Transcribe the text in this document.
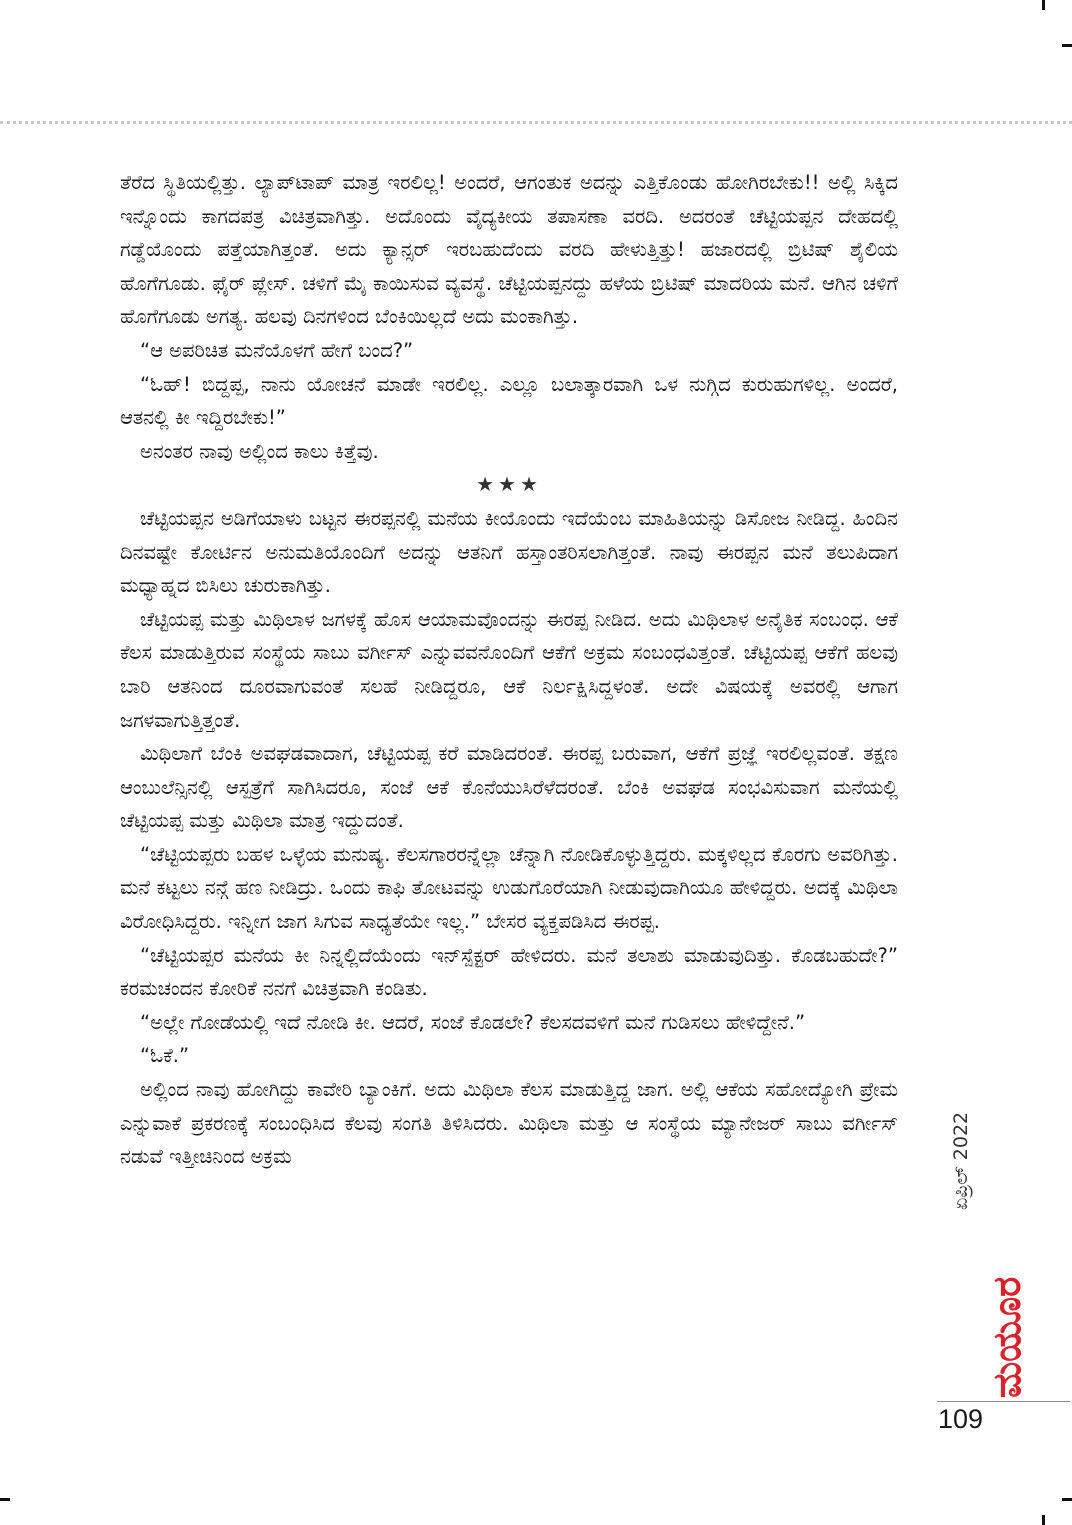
ತೆರೆದ ಸ್ಥಿತಿಯಲ್ಲಿತ್ತು. ಲ್ಯಾಪ್‌ಟಾಪ್ ಮಾತ್ರ ಇರಲಿಲ್ಲ! ಅಂದರೆ, ಆಗಂತುಕ ಅದನ್ನು ಎತ್ತಿಕೊಂಡು ಹೋಗಿರಬೇಕು!! ಅಲ್ಲಿ ಸಿಕ್ಕಿದ ಇನ್ನೊಂದು ಕಾಗದಪತ್ರ ವಿಚಿತ್ರವಾಗಿತ್ತು. ಅದೊಂದು ವೈದ್ಯಕೀಯ ತಪಾಸಣಾ ವರದಿ. ಅದರಂತೆ ಚೆಟ್ಟಿಯಪ್ಪನ ದೇಹದಲ್ಲಿ ಗಡ್ಡೆಯೊಂದು ಪತ್ತೆಯಾಗಿತ್ತಂತೆ. ಅದು ಕ್ಯಾನ್ಸರ್ ಇರಬಹುದೆಂದು ವರದಿ ಹೇಳುತ್ತಿತ್ತು! ಹಜಾರದಲ್ಲಿ ಬ್ರಿಟಿಷ್ ಶೈಲಿಯ ಹೊಗೆಗೂಡು. ಫೈರ್ ಪ್ಲೇಸ್. ಚಳಿಗೆ ಮೈ ಕಾಯಿಸುವ ವ್ಯವಸ್ಥೆ. ಚೆಟ್ಟಿಯಪ್ಪನದ್ದು ಹಳೆಯ ಬ್ರಿಟಿಷ್ ಮಾದರಿಯ ಮನೆ. ಆಗಿನ ಚಳಿಗೆ ಹೊಗೆಗೂಡು ಅಗತ್ಯ. ಹಲವು ದಿನಗಳಿಂದ ಬೆಂಕಿಯಿಲ್ಲದೆ ಅದು ಮಂಕಾಗಿತ್ತು.

“ಆ ಅಪರಿಚಿತ ಮನೆಯೊಳಗೆ ಹೇಗೆ ಬಂದ?”

“ಓಹ್! ಬಿದ್ದಪ್ಪ, ನಾನು ಯೋಚನೆ ಮಾಡೇ ಇರಲಿಲ್ಲ. ಎಲ್ಲೂ ಬಲಾತ್ಕಾರವಾಗಿ ಒಳ ನುಗ್ಗಿದ ಕುರುಹುಗಳಿಲ್ಲ. ಅಂದರೆ, ಆತನಲ್ಲಿ ಕೀ ಇದ್ದಿರಬೇಕು!”

ಅನಂತರ ನಾವು ಅಲ್ಲಿಂದ ಕಾಲು ಕಿತ್ತೆವು.

★★★

ಚೆಟ್ಟಿಯಪ್ಪನ ಅಡಿಗೆಯಾಳು ಬಟ್ಟನ ಈರಪ್ಪನಲ್ಲಿ ಮನೆಯ ಕೀಯೊಂದು ಇದೆಯೆಂಬ ಮಾಹಿತಿಯನ್ನು ಡಿಸೋಜ ನೀಡಿದ್ದ. ಹಿಂದಿನ ದಿನವಷ್ಟೇ ಕೋರ್ಟಿನ ಅನುಮತಿಯೊಂದಿಗೆ ಅದನ್ನು ಆತನಿಗೆ ಹಸ್ತಾಂತರಿಸಲಾಗಿತ್ತಂತೆ. ನಾವು ಈರಪ್ಪನ ಮನೆ ತಲುಪಿದಾಗ ಮಧ್ಯಾಹ್ನದ ಬಿಸಿಲು ಚುರುಕಾಗಿತ್ತು.

ಚೆಟ್ಟಿಯಪ್ಪ ಮತ್ತು ಮಿಥಿಲಾಳ ಜಗಳಕ್ಕೆ ಹೊಸ ಆಯಾಮವೊಂದನ್ನು ಈರಪ್ಪ ನೀಡಿದ. ಅದು ಮಿಥಿಲಾಳ ಅನೈತಿಕ ಸಂಬಂಧ. ಆಕೆ ಕೆಲಸ ಮಾಡುತ್ತಿರುವ ಸಂಸ್ಥೆಯ ಸಾಬು ವರ್ಗೀಸ್ ಎನ್ನುವವನೊಂದಿಗೆ ಆಕೆಗೆ ಅಕ್ರಮ ಸಂಬಂಧವಿತ್ತಂತೆ. ಚೆಟ್ಟಿಯಪ್ಪ ಆಕೆಗೆ ಹಲವು ಬಾರಿ ಆತನಿಂದ ದೂರವಾಗುವಂತೆ ಸಲಹೆ ನೀಡಿದ್ದರೂ, ಆಕೆ ನಿರ್ಲಕ್ಷಿಸಿದ್ದಳಂತೆ. ಅದೇ ವಿಷಯಕ್ಕೆ ಅವರಲ್ಲಿ ಆಗಾಗ ಜಗಳವಾಗುತ್ತಿತ್ತಂತೆ.

ಮಿಥಿಲಾಗೆ ಬೆಂಕಿ ಅವಘಡವಾದಾಗ, ಚೆಟ್ಟಿಯಪ್ಪ ಕರೆ ಮಾಡಿದರಂತೆ. ಈರಪ್ಪ ಬರುವಾಗ, ಆಕೆಗೆ ಪ್ರಜ್ಞೆ ಇರಲಿಲ್ಲವಂತೆ. ತಕ್ಷಣ ಆಂಬುಲೆನ್ಸಿನಲ್ಲಿ ಆಸ್ಪತ್ರೆಗೆ ಸಾಗಿಸಿದರೂ, ಸಂಜೆ ಆಕೆ ಕೊನೆಯುಸಿರೆಳೆದರಂತೆ. ಬೆಂಕಿ ಅವಘಡ ಸಂಭವಿಸುವಾಗ ಮನೆಯಲ್ಲಿ ಚೆಟ್ಟಿಯಪ್ಪ ಮತ್ತು ಮಿಥಿಲಾ ಮಾತ್ರ ಇದ್ದುದಂತೆ.

“ಚೆಟ್ಟಿಯಪ್ಪರು ಬಹಳ ಒಳ್ಳೆಯ ಮನುಷ್ಯ. ಕೆಲಸಗಾರರನ್ನೆಲ್ಲಾ ಚೆನ್ನಾಗಿ ನೋಡಿಕೊಳ್ಳುತ್ತಿದ್ದರು. ಮಕ್ಕಳಿಲ್ಲದ ಕೊರಗು ಅವರಿಗಿತ್ತು. ಮನೆ ಕಟ್ಟಲು ನನ್ಗೆ ಹಣ ನೀಡಿದ್ರು. ಒಂದು ಕಾಫಿ ತೋಟವನ್ನು ಉಡುಗೊರೆಯಾಗಿ ನೀಡುವುದಾಗಿಯೂ ಹೇಳಿದ್ದರು. ಅದಕ್ಕೆ ಮಿಥಿಲಾ ವಿರೋಧಿಸಿದ್ದರು. ಇನ್ನೀಗ ಜಾಗ ಸಿಗುವ ಸಾಧ್ಯತೆಯೇ ಇಲ್ಲ.” ಬೇಸರ ವ್ಯಕ್ತಪಡಿಸಿದ ಈರಪ್ಪ.

“ಚೆಟ್ಟಿಯಪ್ಪರ ಮನೆಯ ಕೀ ನಿನ್ನಲ್ಲಿದೆಯೆಂದು ಇನ್‌ಸ್ಪೆಕ್ಟರ್ ಹೇಳಿದರು. ಮನೆ ತಲಾಶು ಮಾಡುವುದಿತ್ತು. ಕೊಡಬಹುದೇ?” ಕರಮಚಂದನ ಕೋರಿಕೆ ನನಗೆ ವಿಚಿತ್ರವಾಗಿ ಕಂಡಿತು.

“ಅಲ್ಲೇ ಗೋಡೆಯಲ್ಲಿ ಇದೆ ನೋಡಿ ಕೀ. ಆದರೆ, ಸಂಜೆ ಕೊಡಲೇ? ಕೆಲಸದವಳಿಗೆ ಮನೆ ಗುಡಿಸಲು ಹೇಳಿದ್ದೇನೆ.”

“ಓಕೆ.”

ಅಲ್ಲಿಂದ ನಾವು ಹೋಗಿದ್ದು ಕಾವೇರಿ ಬ್ಯಾಂಕಿಗೆ. ಅದು ಮಿಥಿಲಾ ಕೆಲಸ ಮಾಡುತ್ತಿದ್ದ ಜಾಗ. ಅಲ್ಲಿ ಆಕೆಯ ಸಹೋದ್ಯೋಗಿ ಪ್ರೇಮ ಎನ್ನುವಾಕೆ ಪ್ರಕರಣಕ್ಕೆ ಸಂಬಂಧಿಸಿದ ಕೆಲವು ಸಂಗತಿ ತಿಳಿಸಿದರು. ಮಿಥಿಲಾ ಮತ್ತು ಆ ಸಂಸ್ಥೆಯ ಮ್ಯಾನೇಜರ್ ಸಾಬು ವರ್ಗೀಸ್ ನಡುವೆ ಇತ್ತೀಚಿನಿಂದ ಅಕ್ರಮ	ಏಪ್ರಿಲ್ 2022
ಮಯೂರ
109
